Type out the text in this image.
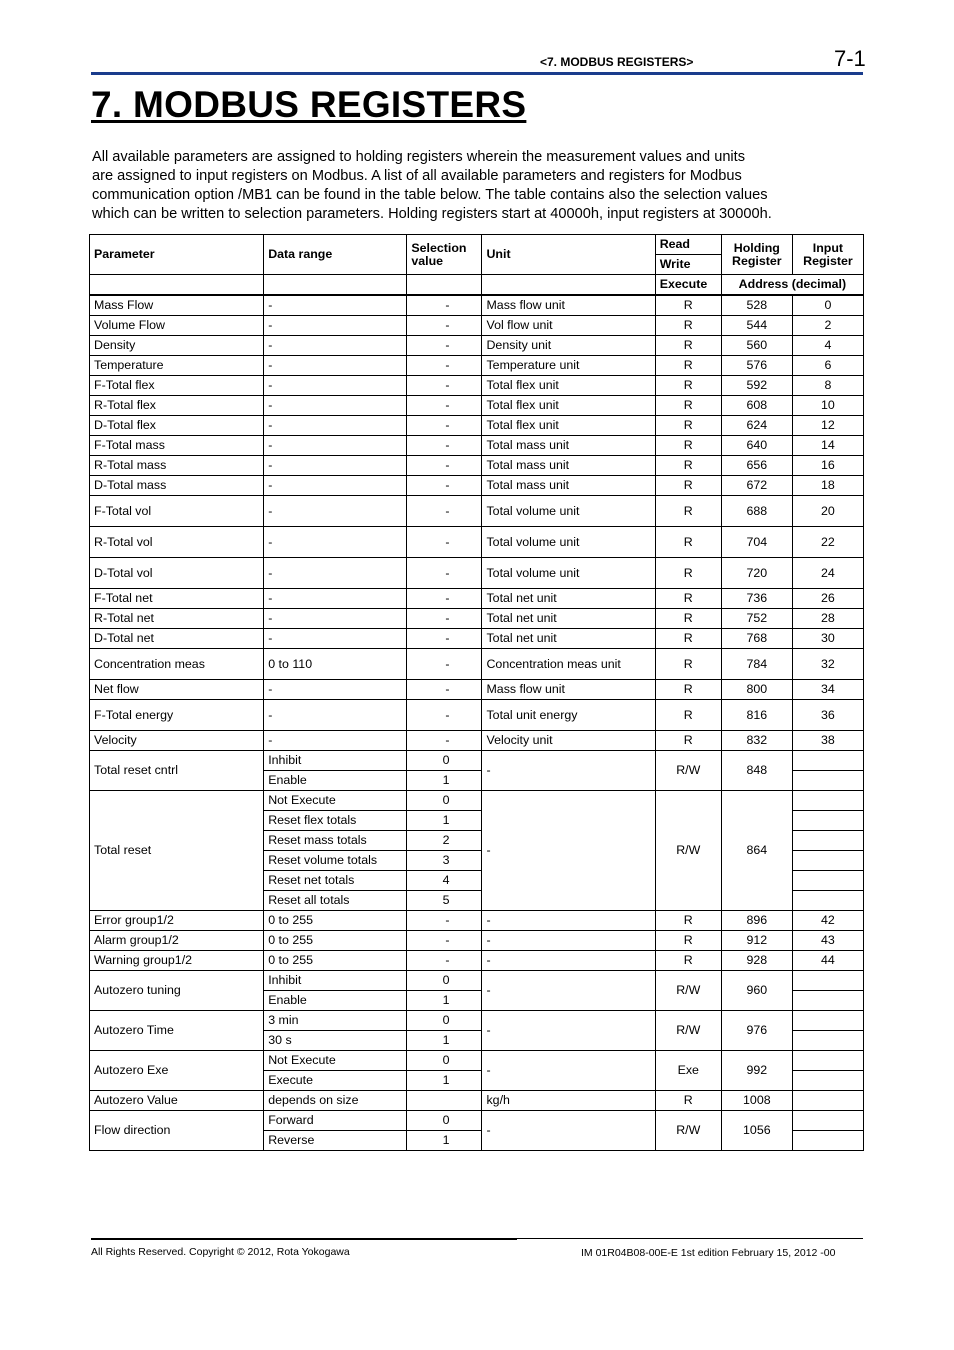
<7. MODBUS REGISTERS>	7-1
7. MODBUS REGISTERS
All available parameters are assigned to holding registers wherein the measurement values and units
are assigned to input registers on Modbus. A list of all available parameters and registers for Modbus
communication option /MB1 can be found in the table below. The table contains also the selection values
which can be written to selection parameters. Holding registers start at 40000h, input registers at 30000h.
Parameter	Data range	Selection value	Unit	Read	Holding Register	Input Register
				Write		
				Execute	Address (decimal)	
Mass Flow	-	-	Mass flow unit	R	528	0
Volume Flow	-	-	Vol flow unit	R	544	2
Density	-	-	Density unit	R	560	4
Temperature	-	-	Temperature unit	R	576	6
F-Total flex	-	-	Total flex unit	R	592	8
R-Total flex	-	-	Total flex unit	R	608	10
D-Total flex	-	-	Total flex unit	R	624	12
F-Total mass	-	-	Total mass unit	R	640	14
R-Total mass	-	-	Total mass unit	R	656	16
D-Total mass	-	-	Total mass unit	R	672	18
F-Total vol	-	-	Total volume unit	R	688	20
R-Total vol	-	-	Total volume unit	R	704	22
D-Total vol	-	-	Total volume unit	R	720	24
F-Total net	-	-	Total net unit	R	736	26
R-Total net	-	-	Total net unit	R	752	28
D-Total net	-	-	Total net unit	R	768	30
Concentration meas	0 to 110	-	Concentration meas unit	R	784	32
Net flow	-	-	Mass flow unit	R	800	34
F-Total energy	-	-	Total unit energy	R	816	36
Velocity	-	-	Velocity unit	R	832	38
Total reset cntrl	Inhibit	0	-	R/W	848	
	Enable	1				
Total reset	Not Execute	0	-	R/W	864	
	Reset flex totals	1				
	Reset mass totals	2				
	Reset volume totals	3				
	Reset net totals	4				
	Reset all totals	5				
Error group1/2	0 to 255	-	-	R	896	42
Alarm group1/2	0 to 255	-	-	R	912	43
Warning group1/2	0 to 255	-	-	R	928	44
Autozero tuning	Inhibit	0	-	R/W	960	
	Enable	1				
Autozero Time	3 min	0	-	R/W	976	
	30 s	1				
Autozero Exe	Not Execute	0	-	Exe	992	
	Execute	1				
Autozero Value	depends on size		kg/h	R	1008	
Flow direction	Forward	0	-	R/W	1056	
	Reverse	1				
All Rights Reserved. Copyright © 2012, Rota Yokogawa	IM 01R04B08-00E-E 1st edition February 15, 2012 -00
